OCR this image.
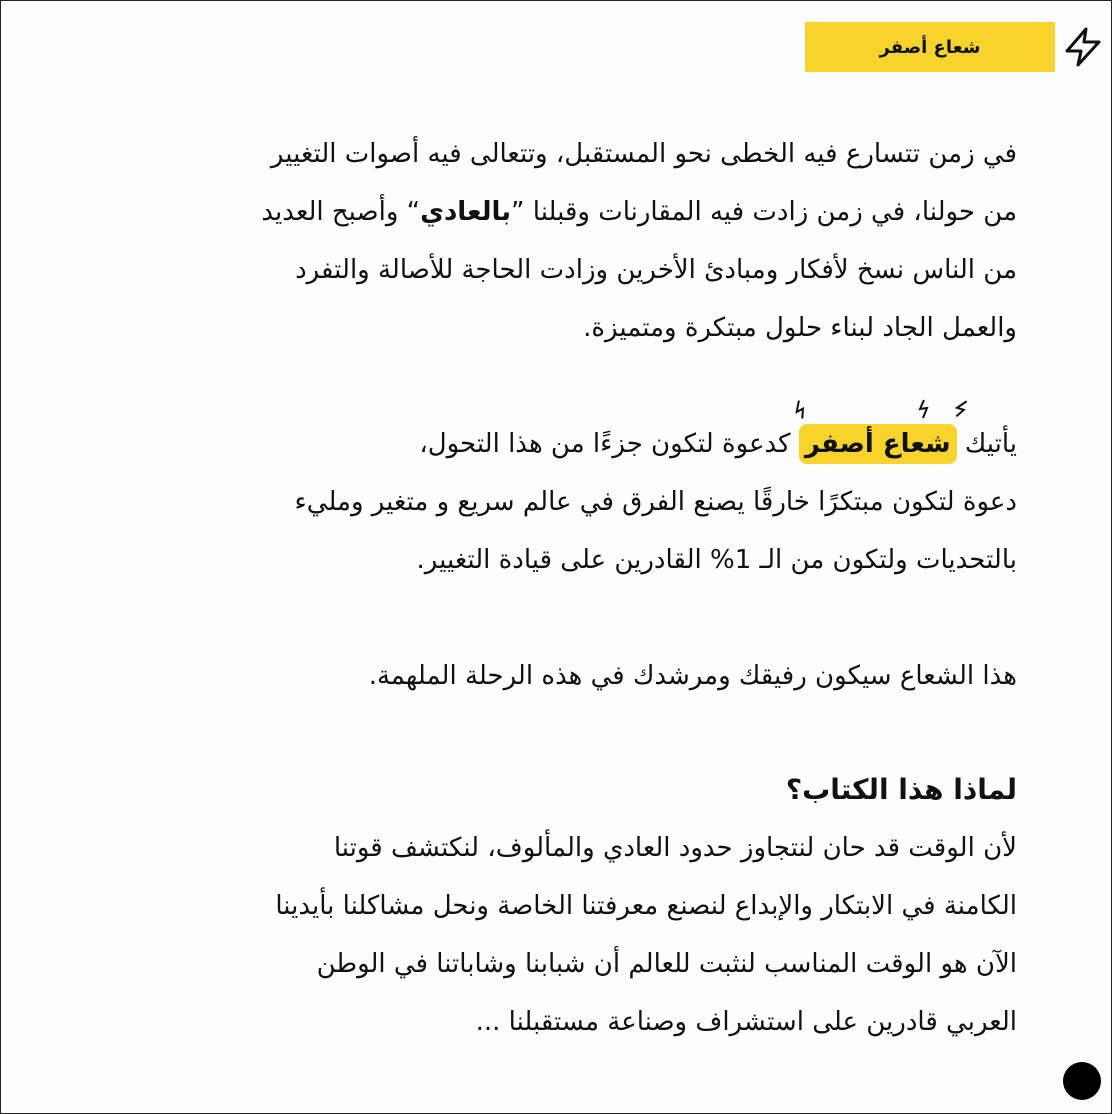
شعاع أصفر

في زمن تتسارع فيه الخطى نحو المستقبل، وتتعالى فيه أصوات التغيير
من حولنا، في زمن زادت فيه المقارنات وقبلنا ”بالعادي“ وأصبح العديد
من الناس نسخ لأفكار ومبادئ الأخرين وزادت الحاجة للأصالة والتفرد
والعمل الجاد لبناء حلول مبتكرة ومتميزة.

يأتيك
شعاع أصفر كدعوة لتكون جزءًا من هذا التحول،
دعوة لتكون مبتكرًا خارقًا يصنع الفرق في عالم سريع و متغير ومليء
بالتحديات ولتكون من الـ 1% القادرين على قيادة التغيير.

هذا الشعاع سيكون رفيقك ومرشدك في هذه الرحلة الملهمة.

لماذا هذا الكتاب؟

لأن الوقت قد حان لنتجاوز حدود العادي والمألوف، لنكتشف قوتنا
الكامنة في الابتكار والإبداع لنصنع معرفتنا الخاصة ونحل مشاكلنا بأيدينا
الآن هو الوقت المناسب لنثبت للعالم أن شبابنا وشاباتنا في الوطن
العربي قادرين على استشراف وصناعة مستقبلنا ...
